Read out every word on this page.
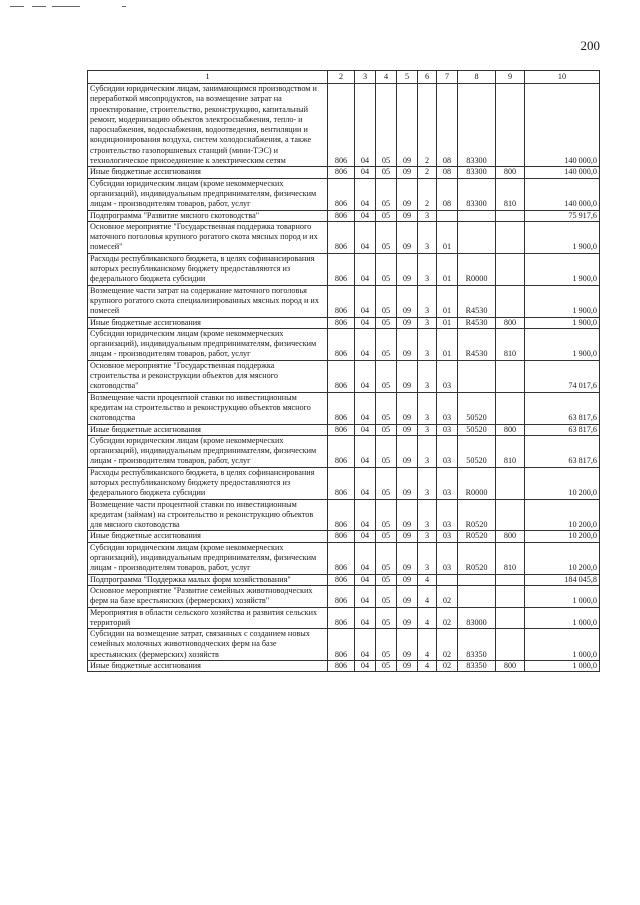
200
1	2	3	4	5	6	7	8	9	10
Субсидии юридическим лицам, занимающимся производством и переработкой мясопродуктов, на возмещение затрат на проектирование, строительство, реконструкцию, капитальный ремонт, модернизацию объектов электроснабжения, тепло- и пароснабжения, водоснабжения, водоотведения, вентиляции и кондиционирования воздуха, систем холодоснабжения, а также строительство газопоршневых станций (мини-ТЭС) и технологическое присоединение к электрическим сетям	806	04	05	09	2	08	83300		140 000,0
Иные бюджетные ассигнования	806	04	05	09	2	08	83300	800	140 000,0
Субсидии юридическим лицам (кроме некоммерческих организаций), индивидуальным предпринимателям, физическим лицам - производителям товаров, работ, услуг	806	04	05	09	2	08	83300	810	140 000,0
Подпрограмма "Развитие мясного скотоводства"	806	04	05	09	3				75 917,6
Основное мероприятие "Государственная поддержка товарного маточного поголовья крупного рогатого скота мясных пород и их помесей"	806	04	05	09	3	01			1 900,0
Расходы республиканского бюджета, в целях софинансирования которых республиканскому бюджету предоставляются из федерального бюджета субсидии	806	04	05	09	3	01	R0000		1 900,0
Возмещение части затрат на содержание маточного поголовья крупного рогатого скота специализированных мясных пород и их помесей	806	04	05	09	3	01	R4530		1 900,0
Иные бюджетные ассигнования	806	04	05	09	3	01	R4530	800	1 900,0
Субсидии юридическим лицам (кроме некоммерческих организаций), индивидуальным предпринимателям, физическим лицам - производителям товаров, работ, услуг	806	04	05	09	3	01	R4530	810	1 900,0
Основное мероприятие "Государственная поддержка строительства и реконструкции объектов для мясного скотоводства"	806	04	05	09	3	03			74 017,6
Возмещение части процентной ставки по инвестиционным кредитам на строительство и реконструкцию объектов мясного скотоводства	806	04	05	09	3	03	50520		63 817,6
Иные бюджетные ассигнования	806	04	05	09	3	03	50520	800	63 817,6
Субсидии юридическим лицам (кроме некоммерческих организаций), индивидуальным предпринимателям, физическим лицам - производителям товаров, работ, услуг	806	04	05	09	3	03	50520	810	63 817,6
Расходы республиканского бюджета, в целях софинансирования которых республиканскому бюджету предоставляются из федерального бюджета субсидии	806	04	05	09	3	03	R0000		10 200,0
Возмещение части процентной ставки по инвестиционным кредитам (займам) на строительство и реконструкцию объектов для мясного скотоводства	806	04	05	09	3	03	R0520		10 200,0
Иные бюджетные ассигнования	806	04	05	09	3	03	R0520	800	10 200,0
Субсидии юридическим лицам (кроме некоммерческих организаций), индивидуальным предпринимателям, физическим лицам - производителям товаров, работ, услуг	806	04	05	09	3	03	R0520	810	10 200,0
Подпрограмма "Поддержка малых форм хозяйствования"	806	04	05	09	4				184 045,8
Основное мероприятие "Развитие семейных животноводческих ферм на базе крестьянских (фермерских) хозяйств"	806	04	05	09	4	02			1 000,0
Мероприятия в области сельского хозяйства и развития сельских территорий	806	04	05	09	4	02	83000		1 000,0
Субсидии на возмещение затрат, связанных с созданием новых семейных молочных животноводческих ферм на базе крестьянских (фермерских) хозяйств	806	04	05	09	4	02	83350		1 000,0
Иные бюджетные ассигнования	806	04	05	09	4	02	83350	800	1 000,0
